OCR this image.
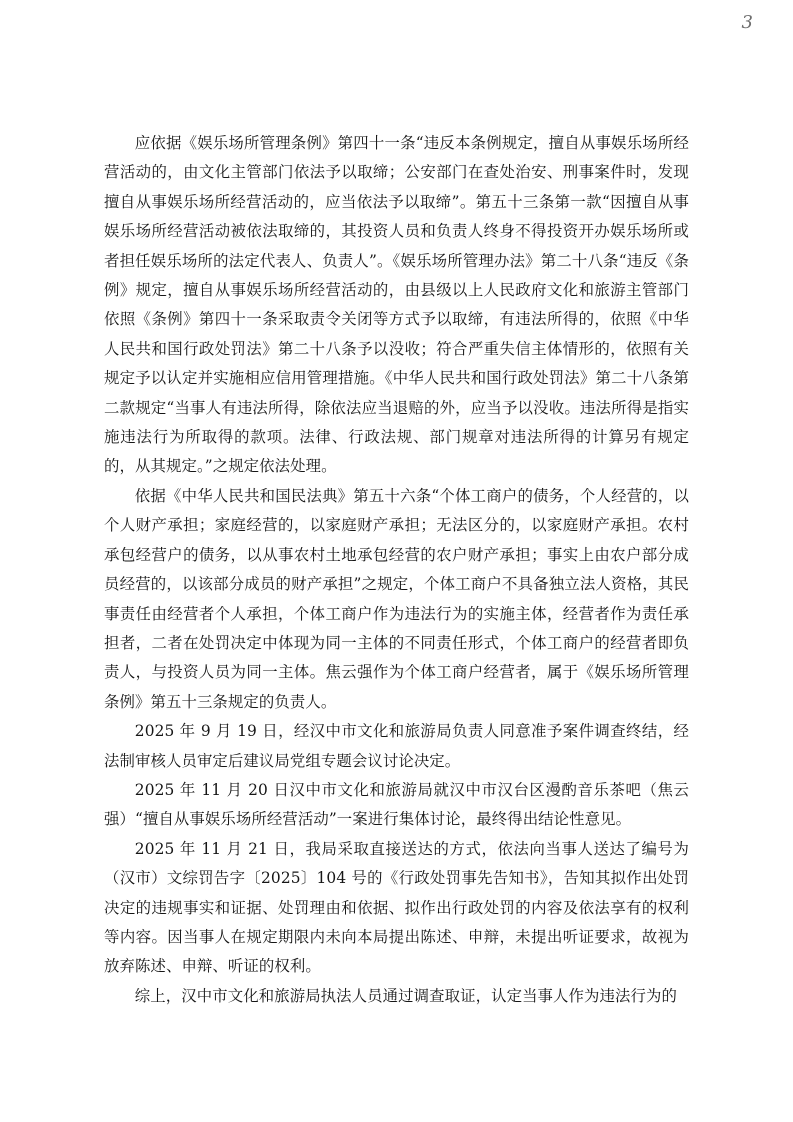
3

应依据《娱乐场所管理条例》第四十一条“违反本条例规定，擅自从事娱乐场所经营活动的，由文化主管部门依法予以取缔；公安部门在查处治安、刑事案件时，发现擅自从事娱乐场所经营活动的，应当依法予以取缔”。第五十三条第一款“因擅自从事娱乐场所经营活动被依法取缔的，其投资人员和负责人终身不得投资开办娱乐场所或者担任娱乐场所的法定代表人、负责人”。《娱乐场所管理办法》第二十八条“违反《条例》规定，擅自从事娱乐场所经营活动的，由县级以上人民政府文化和旅游主管部门依照《条例》第四十一条采取责令关闭等方式予以取缔，有违法所得的，依照《中华人民共和国行政处罚法》第二十八条予以没收；符合严重失信主体情形的，依照有关规定予以认定并实施相应信用管理措施。《中华人民共和国行政处罚法》第二十八条第二款规定“当事人有违法所得，除依法应当退赔的外，应当予以没收。违法所得是指实施违法行为所取得的款项。法律、行政法规、部门规章对违法所得的计算另有规定的，从其规定。”之规定依法处理。

依据《中华人民共和国民法典》第五十六条“个体工商户的债务，个人经营的，以个人财产承担；家庭经营的，以家庭财产承担；无法区分的，以家庭财产承担。农村承包经营户的债务，以从事农村土地承包经营的农户财产承担；事实上由农户部分成员经营的，以该部分成员的财产承担”之规定，个体工商户不具备独立法人资格，其民事责任由经营者个人承担，个体工商户作为违法行为的实施主体，经营者作为责任承担者，二者在处罚决定中体现为同一主体的不同责任形式，个体工商户的经营者即负责人，与投资人员为同一主体。焦云强作为个体工商户经营者，属于《娱乐场所管理条例》第五十三条规定的负责人。

2025 年 9 月 19 日，经汉中市文化和旅游局负责人同意准予案件调查终结，经法制审核人员审定后建议局党组专题会议讨论决定。

2025 年 11 月 20 日汉中市文化和旅游局就汉中市汉台区漫酌音乐茶吧（焦云强）“擅自从事娱乐场所经营活动”一案进行集体讨论，最终得出结论性意见。

2025 年 11 月 21 日，我局采取直接送达的方式，依法向当事人送达了编号为（汉市）文综罚告字〔2025〕104 号的《行政处罚事先告知书》，告知其拟作出处罚决定的违规事实和证据、处罚理由和依据、拟作出行政处罚的内容及依法享有的权利等内容。因当事人在规定期限内未向本局提出陈述、申辩，未提出听证要求，故视为放弃陈述、申辩、听证的权利。

综上，汉中市文化和旅游局执法人员通过调查取证，认定当事人作为违法行为的
